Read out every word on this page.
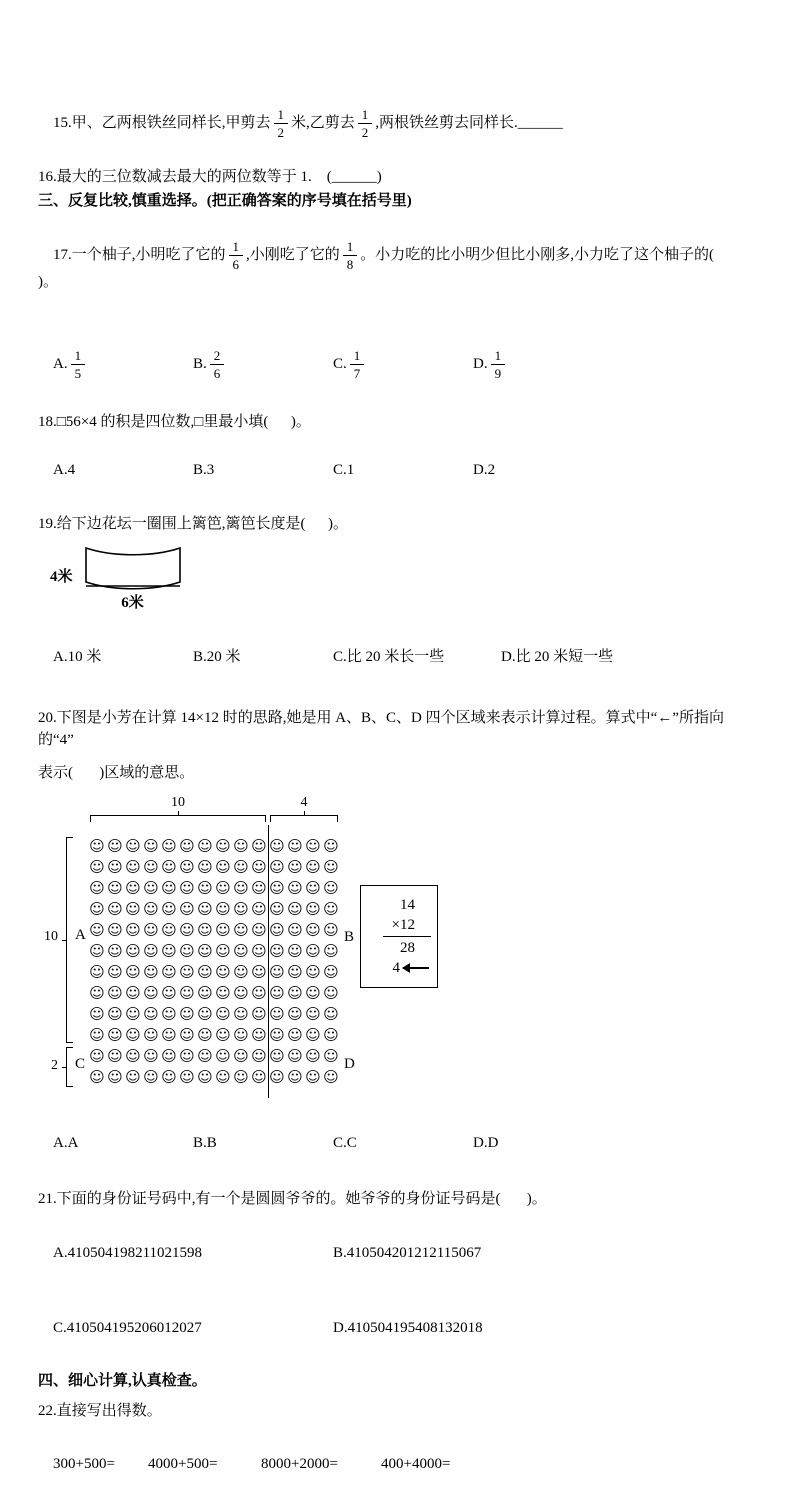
15.甲、乙两根铁丝同样长,甲剪去 $\frac{1}{2}$ 米,乙剪去 $\frac{1}{2}$ ,两根铁丝剪去同样长.______

16.最大的三位数减去最大的两位数等于 1.    (______)
三、反复比较,慎重选择。(把正确答案的序号填在括号里)

17.一个柚子,小明吃了它的 $\frac{1}{6}$ ,小刚吃了它的 $\frac{1}{8}$ 。小力吃的比小明少但比小刚多,小力吃了这个柚子的(      )。

A. $\frac{1}{5}$	B. $\frac{2}{6}$	C. $\frac{1}{7}$	D. $\frac{1}{9}$

18.□56×4 的积是四位数,□里最小填(      )。

A.4	B.3	C.1	D.2

19.给下边花坛一圈围上篱笆,篱笆长度是(      )。
4米
6米

A.10 米	B.20 米	C.比 20 米长一些	D.比 20 米短一些

20.下图是小芳在计算 14×12 时的思路,她是用 A、B、C、D 四个区域来表示计算过程。算式中“←”所指向的“4”
表示(       )区域的意思。
10	4
10
2
A	B
C	D
☺ ☺ ☺ ☺ ☺ ☺ ☺ ☺ ☺ ☺ ☺ ☺ ☺ ☺
☺ ☺ ☺ ☺ ☺ ☺ ☺ ☺ ☺ ☺ ☺ ☺ ☺ ☺
☺ ☺ ☺ ☺ ☺ ☺ ☺ ☺ ☺ ☺ ☺ ☺ ☺ ☺
☺ ☺ ☺ ☺ ☺ ☺ ☺ ☺ ☺ ☺ ☺ ☺ ☺ ☺
☺ ☺ ☺ ☺ ☺ ☺ ☺ ☺ ☺ ☺ ☺ ☺ ☺ ☺
☺ ☺ ☺ ☺ ☺ ☺ ☺ ☺ ☺ ☺ ☺ ☺ ☺ ☺
☺ ☺ ☺ ☺ ☺ ☺ ☺ ☺ ☺ ☺ ☺ ☺ ☺ ☺
☺ ☺ ☺ ☺ ☺ ☺ ☺ ☺ ☺ ☺ ☺ ☺ ☺ ☺
☺ ☺ ☺ ☺ ☺ ☺ ☺ ☺ ☺ ☺ ☺ ☺ ☺ ☺
☺ ☺ ☺ ☺ ☺ ☺ ☺ ☺ ☺ ☺ ☺ ☺ ☺ ☺
☺ ☺ ☺ ☺ ☺ ☺ ☺ ☺ ☺ ☺ ☺ ☺ ☺ ☺
☺ ☺ ☺ ☺ ☺ ☺ ☺ ☺ ☺ ☺ ☺ ☺ ☺ ☺
14
×12
28
4

A.A	B.B	C.C	D.D

21.下面的身份证号码中,有一个是圆圆爷爷的。她爷爷的身份证号码是(       )。

A.410504198211021598	B.410504201212115067

C.410504195206012027	D.410504195408132018

四、细心计算,认真检查。
22.直接写出得数。

300+500= 4000+500=	8000+2000=	400+4000=
